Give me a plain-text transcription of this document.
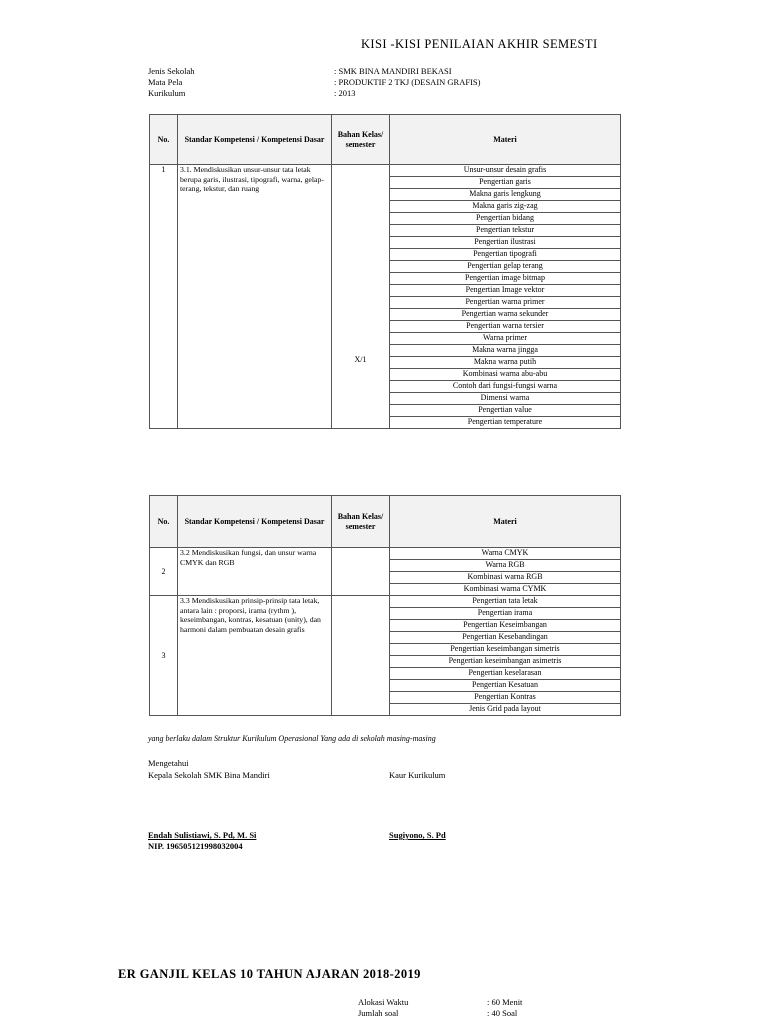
KISI -KISI PENILAIAN AKHIR SEMESTI
Jenis Sekolah	: SMK BINA MANDIRI BEKASI
Mata Pela	: PRODUKTIF 2 TKJ (DESAIN GRAFIS)
Kurikulum	: 2013
No.	Standar Kompetensi / Kompetensi Dasar	Bahan Kelas/ semester	Materi
1	3.1. Mendiskusikan unsur-unsur tata letak berupa garis, ilustrasi, tipografi, warna, gelap-terang, tekstur, dan ruang	X/1	Unsur-unsur desain grafis
			Pengertian garis
			Makna garis lengkung
			Makna garis zig-zag
			Pengertian bidang
			Pengertian tekstur
			Pengertian ilustrasi
			Pengertian tipografi
			Pengertian gelap terang
			Pengertian image bitmap
			Pengertian Image vektor
			Pengertian warna primer
			Pengertian warna sekunder
			Pengertian warna tersier
			Warna primer
			Makna warna jingga
			Makna warna putih
			Kombinasi warna abu-abu
			Contoh dari fungsi-fungsi warna
			Dimensi warna
			Pengertian value
			Pengertian temperature
No.	Standar Kompetensi / Kompetensi Dasar	Bahan Kelas/ semester	Materi
2	3.2 Mendiskusikan fungsi, dan unsur warna CMYK dan RGB		Warna CMYK
			Warna RGB
			Kombinasi warna RGB
			Kombinasi warna CYMK
3	3.3 Mendiskusikan prinsip-prinsip tata letak, antara lain : proporsi, irama (rythm ), keseimbangan, kontras, kesatuan (unity), dan harmoni dalam pembuatan desain grafis		Pengertian tata letak
			Pengertian irama
			Pengertian Keseimbangan
			Pengertian Kesebandingan
			Pengertian keseimbangan simetris
			Pengertian keseimbangan asimetris
			Pengertian keselarasan
			Pengertian Kesatuan
			Pengertian Kontras
			Jenis Grid pada layout
yang berlaku dalam Struktur Kurikulum Operasional Yang ada di sekolah masing-masing
Mengetahui
Kepala Sekolah SMK Bina Mandiri	Kaur Kurikulum
Endah Sulistiawi, S. Pd, M. Si
NIP. 196505121998032004
Sugiyono, S. Pd
ER GANJIL KELAS 10 TAHUN AJARAN 2018-2019
Alokasi Waktu	: 60 Menit
Jumlah soal	: 40 Soal
